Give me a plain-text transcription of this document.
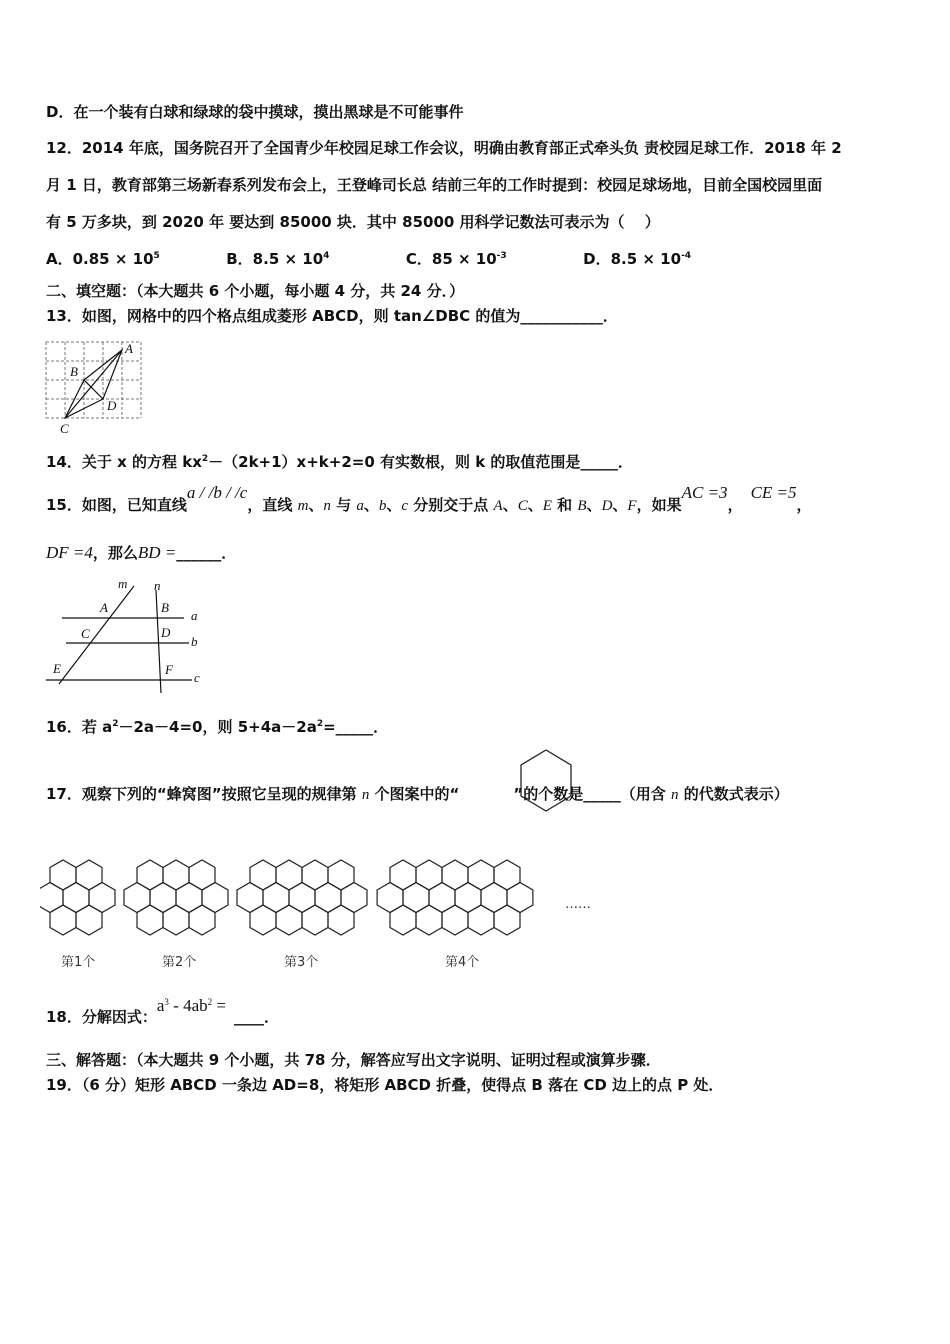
D．在一个装有白球和绿球的袋中摸球，摸出黑球是不可能事件
12．2014 年底，国务院召开了全国青少年校园足球工作会议，明确由教育部正式牵头负 责校园足球工作．2018 年 2
月 1 日，教育部第三场新春系列发布会上，王登峰司长总 结前三年的工作时提到：校园足球场地，目前全国校园里面
有 5 万多块，到 2020 年 要达到 85000 块．其中 85000 用科学记数法可表示为（　 ）
A．$0.85 \times 10^5$	B．$8.5 \times 10^4$	C．$85 \times 10^{-3}$	D．$8.5 \times 10^{-4}$
二、填空题：（本大题共 6 个小题，每小题 4 分，共 24 分．）
13．如图，网格中的四个格点组成菱形 ABCD，则 tan∠DBC 的值为___________．
A
B
C
D
14．关于 x 的方程 $kx^2-(2k+1)x+k+2=0$ 有实数根，则 k 的取值范围是_____．
15．如图，已知直线a / /b / /c，直线 m、n 与 a、b、c 分别交于点 A、C、E 和 B、D、F，如果AC =3，CE =5，
DF =4，那么BD =______．
m n
A	B
a
C	D
b
E	F
c
16．若 $a^2-2a-4=0$，则 $5+4a-2a^2=\_\_\_\_\_$．
17．观察下列的“蜂窝图”按照它呈现的规律第 n 个图案中的“	”的个数是_____（用含 n 的代数式表示）
第1个	第2个	第3个	第4个
……
18．分解因式：$a^3 - 4ab^2$ =____．
三、解答题：（本大题共 9 个小题，共 78 分，解答应写出文字说明、证明过程或演算步骤．
19．（6 分）矩形 ABCD 一条边 AD=8，将矩形 ABCD 折叠，使得点 B 落在 CD 边上的点 P 处．
